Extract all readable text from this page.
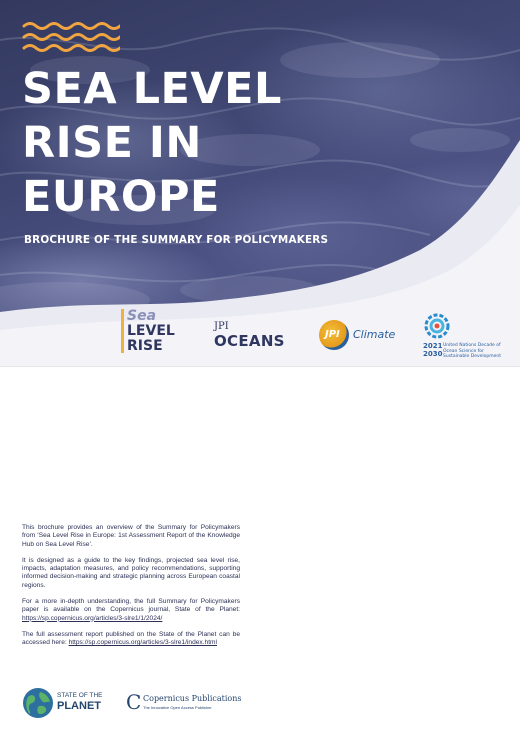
SEA LEVEL
RISE IN
EUROPE
BROCHURE OF THE SUMMARY FOR POLICYMAKERS
Sea
LEVEL
RISE
JPI
OCEANS	JPI Climate
2021
2030
United Nations Decade of Ocean Science for Sustainable Development

This brochure provides an overview of the Summary for Policymakers from ‘Sea Level Rise in Europe: 1st Assessment Report of the Knowledge Hub on Sea Level Rise’.

It is designed as a guide to the key findings, projected sea level rise, impacts, adaptation measures, and policy recommendations, supporting informed decision-making and strategic planning across European coastal regions.

For a more in-depth understanding, the full Summary for Policymakers paper is available on the Copernicus journal, State of the Planet: https://sp.copernicus.org/articles/3-slre1/1/2024/

The full assessment report published on the State of the Planet can be accessed here: https://sp.copernicus.org/articles/3-slre1/index.html

STATE OF THE
PLANET C Copernicus Publications
The Innovative Open Access Publisher
